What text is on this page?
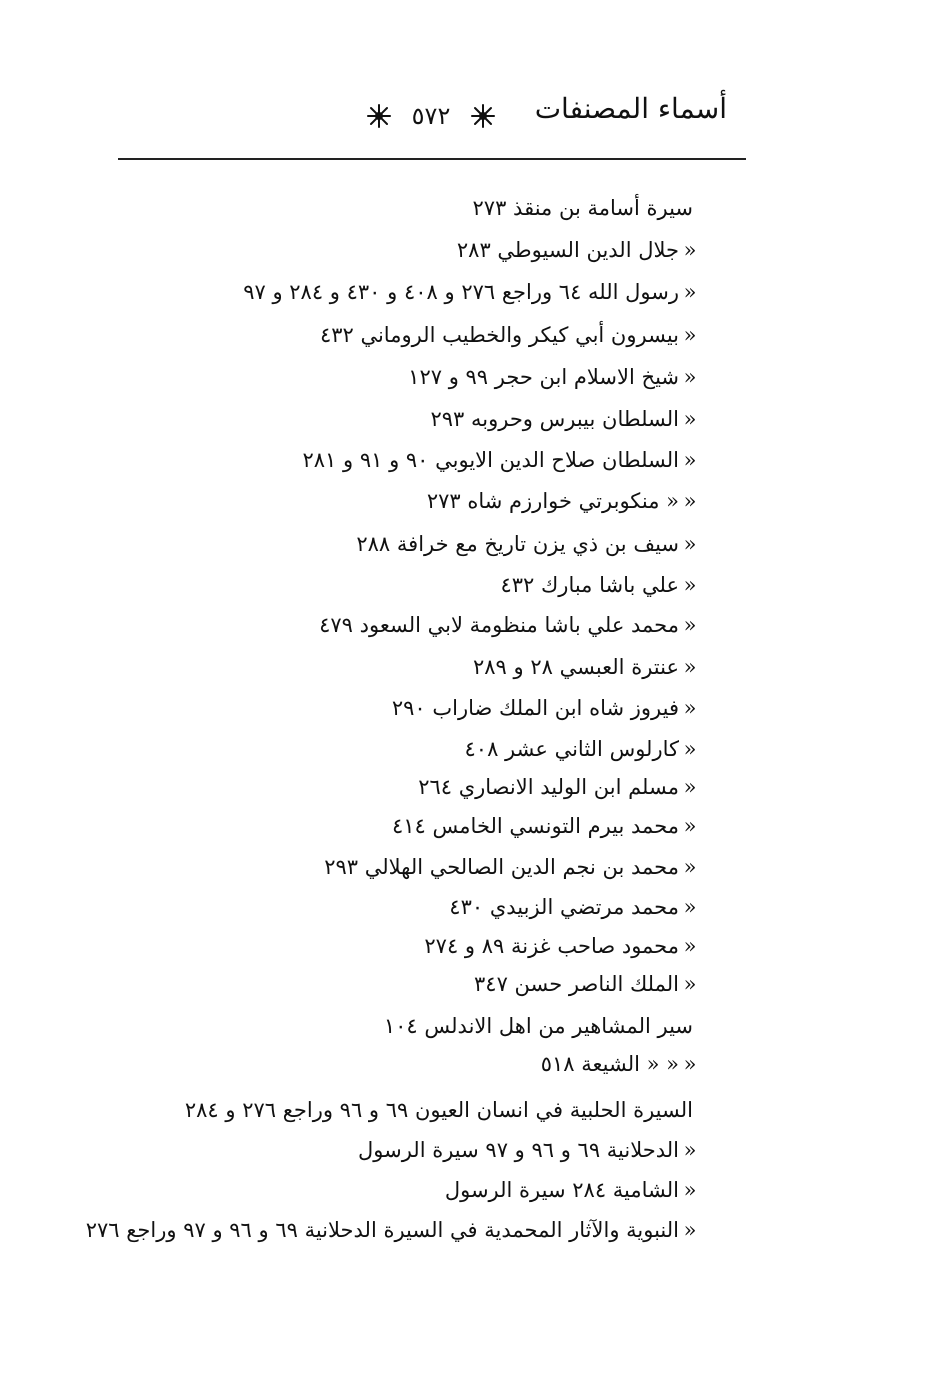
أسماء المصنفات
٥٧٢
سيرة أسامة بن منقذ ٢٧٣
«جلال الدين السيوطي ٢٨٣
«رسول الله ٦٤ وراجع ٢٧٦ و ٤٠٨ و ٤٣٠ و ٢٨٤ و ٩٧
«بيسرون أبي كيكر والخطيب الروماني ٤٣٢
«شيخ الاسلام ابن حجر ٩٩ و ١٢٧
«السلطان بيبرس وحروبه ٢٩٣
«السلطان صلاح الدين الايوبي ٩٠ و ٩١ و ٢٨١
«« منكوبرتي خوارزم شاه ٢٧٣
«سيف بن ذي يزن تاريخ مع خرافة ٢٨٨
«علي باشا مبارك ٤٣٢
«محمد علي باشا منظومة لابي السعود ٤٧٩
«عنترة العبسي ٢٨ و ٢٨٩
«فيروز شاه ابن الملك ضاراب ٢٩٠
«كارلوس الثاني عشر ٤٠٨
«مسلم ابن الوليد الانصاري ٢٦٤
«محمد بيرم التونسي الخامس ٤١٤
«محمد بن نجم الدين الصالحي الهلالي ٢٩٣
«محمد مرتضي الزبيدي ٤٣٠
«محمود صاحب غزنة ٨٩ و ٢٧٤
«الملك الناصر حسن ٣٤٧
سير المشاهير من اهل الاندلس ١٠٤
«« « الشيعة ٥١٨
السيرة الحلبية في انسان العيون ٦٩ و ٩٦ وراجع ٢٧٦ و ٢٨٤
«الدحلانية ٦٩ و ٩٦ و ٩٧ سيرة الرسول
«الشامية ٢٨٤ سيرة الرسول
«النبوية والآثار المحمدية في السيرة الدحلانية ٦٩ و ٩٦ و ٩٧ وراجع ٢٧٦
